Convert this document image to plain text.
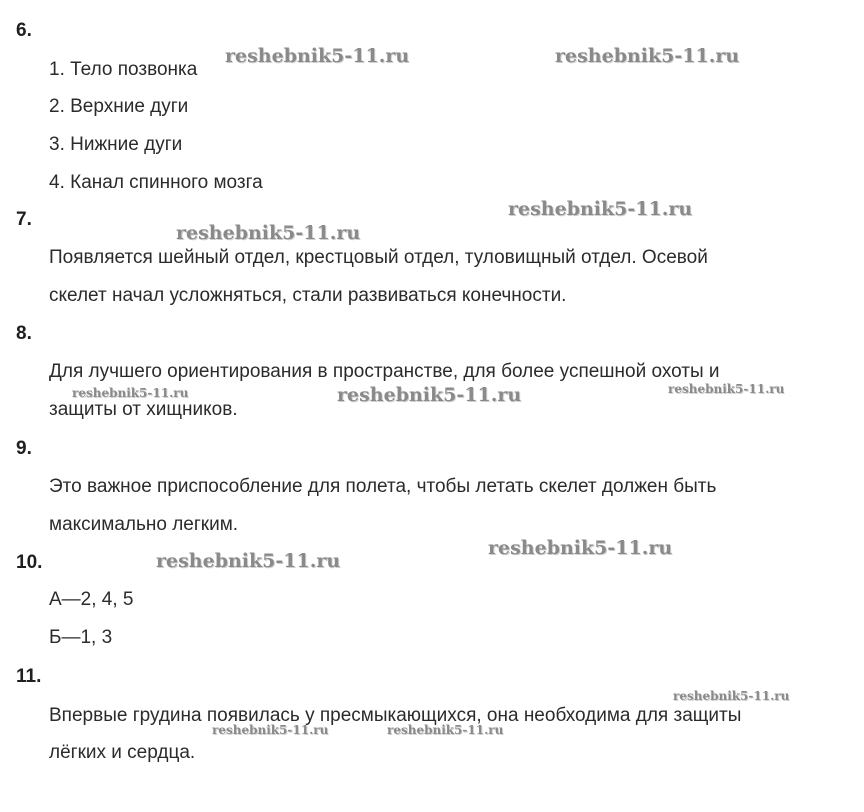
6.
7.
8.
9.
10.
11.
1. Тело позвонка
2. Верхние дуги
3. Нижние дуги
4. Канал спинного мозга
Появляется шейный отдел, крестцовый отдел, туловищный отдел. Осевой
скелет начал усложняться, стали развиваться конечности.
Для лучшего ориентирования в пространстве, для более успешной охоты и
защиты от хищников.
Это важное приспособление для полета, чтобы летать скелет должен быть
максимально легким.
А—2, 4, 5
Б—1, 3
Впервые грудина появилась у пресмыкающихся, она необходима для защиты
лёгких и сердца.
reshebnik5-11.ru	reshebnik5-11.ru
reshebnik5-11.ru
reshebnik5-11.ru
reshebnik5-11.ru	reshebnik5-11.ru	reshebnik5-11.ru
reshebnik5-11.ru
reshebnik5-11.ru
reshebnik5-11.ru
reshebnik5-11.ru	reshebnik5-11.ru
